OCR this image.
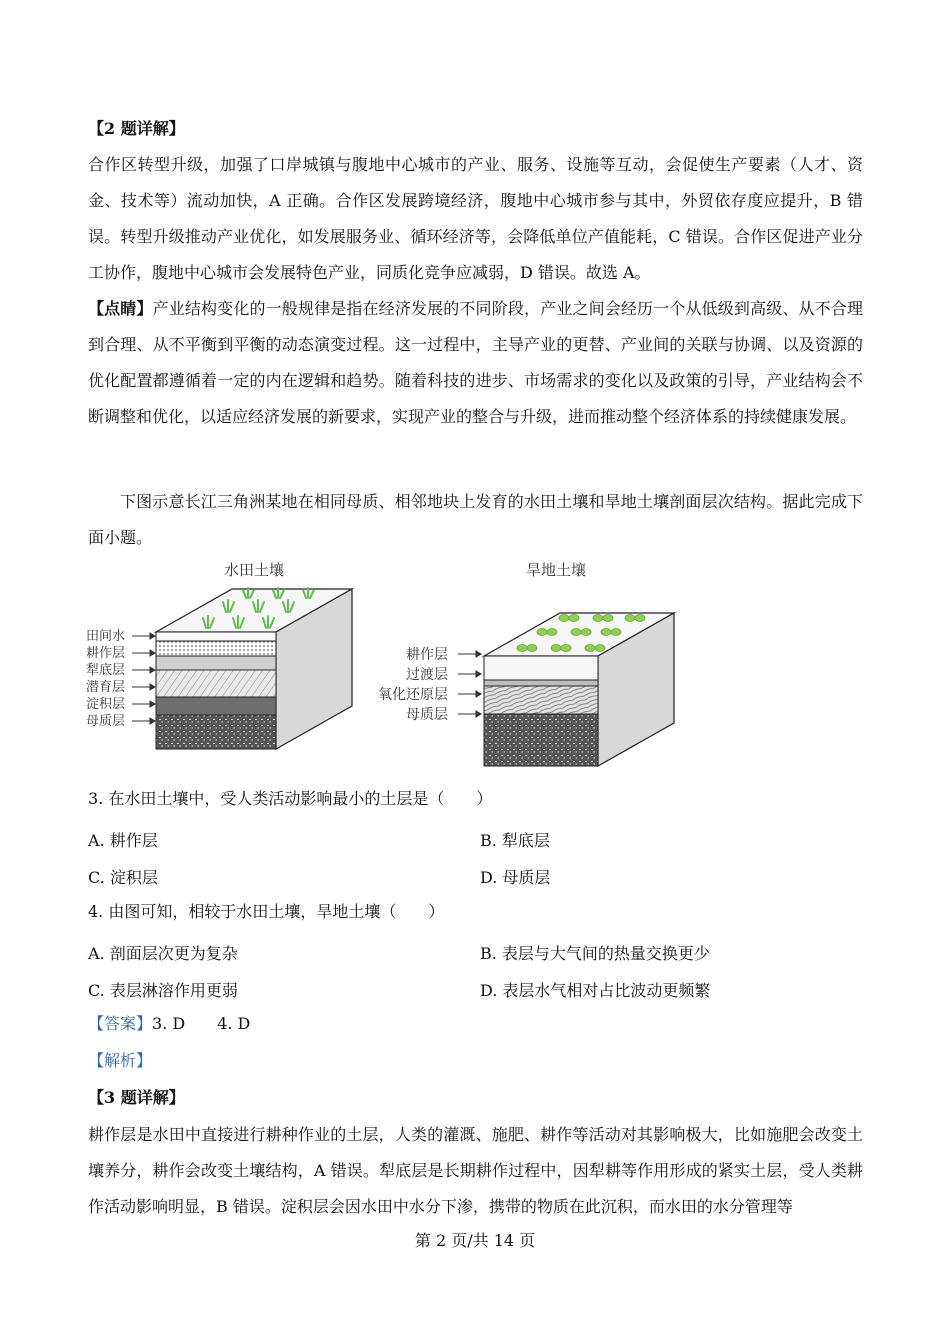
【2 题详解】
合作区转型升级，加强了口岸城镇与腹地中心城市的产业、服务、设施等互动，会促使生产要素（人才、资金、技术等）流动加快，A 正确。合作区发展跨境经济，腹地中心城市参与其中，外贸依存度应提升，B 错误。转型升级推动产业优化，如发展服务业、循环经济等，会降低单位产值能耗，C 错误。合作区促进产业分工协作，腹地中心城市会发展特色产业，同质化竞争应减弱，D 错误。故选 A。
【点睛】产业结构变化的一般规律是指在经济发展的不同阶段，产业之间会经历一个从低级到高级、从不合理到合理、从不平衡到平衡的动态演变过程。这一过程中，主导产业的更替、产业间的关联与协调、以及资源的优化配置都遵循着一定的内在逻辑和趋势。随着科技的进步、市场需求的变化以及政策的引导，产业结构会不断调整和优化，以适应经济发展的新要求，实现产业的整合与升级，进而推动整个经济体系的持续健康发展。
下图示意长江三角洲某地在相同母质、相邻地块上发育的水田土壤和旱地土壤剖面层次结构。据此完成下面小题。
水田土壤	旱地土壤
田间水
耕作层
犁底层
潜育层
淀积层
母质层
耕作层
过渡层
氧化还原层
母质层
3. 在水田土壤中，受人类活动影响最小的土层是（　　）
A. 耕作层	B. 犁底层
C. 淀积层	D. 母质层
4. 由图可知，相较于水田土壤，旱地土壤（　　）
A. 剖面层次更为复杂	B. 表层与大气间的热量交换更少
C. 表层淋溶作用更弱	D. 表层水气相对占比波动更频繁
【答案】3. D　　4. D
【解析】
【3 题详解】
耕作层是水田中直接进行耕种作业的土层，人类的灌溉、施肥、耕作等活动对其影响极大，比如施肥会改变土壤养分，耕作会改变土壤结构，A 错误。犁底层是长期耕作过程中，因犁耕等作用形成的紧实土层，受人类耕作活动影响明显，B 错误。淀积层会因水田中水分下渗，携带的物质在此沉积，而水田的水分管理等
第 2 页/共 14 页
